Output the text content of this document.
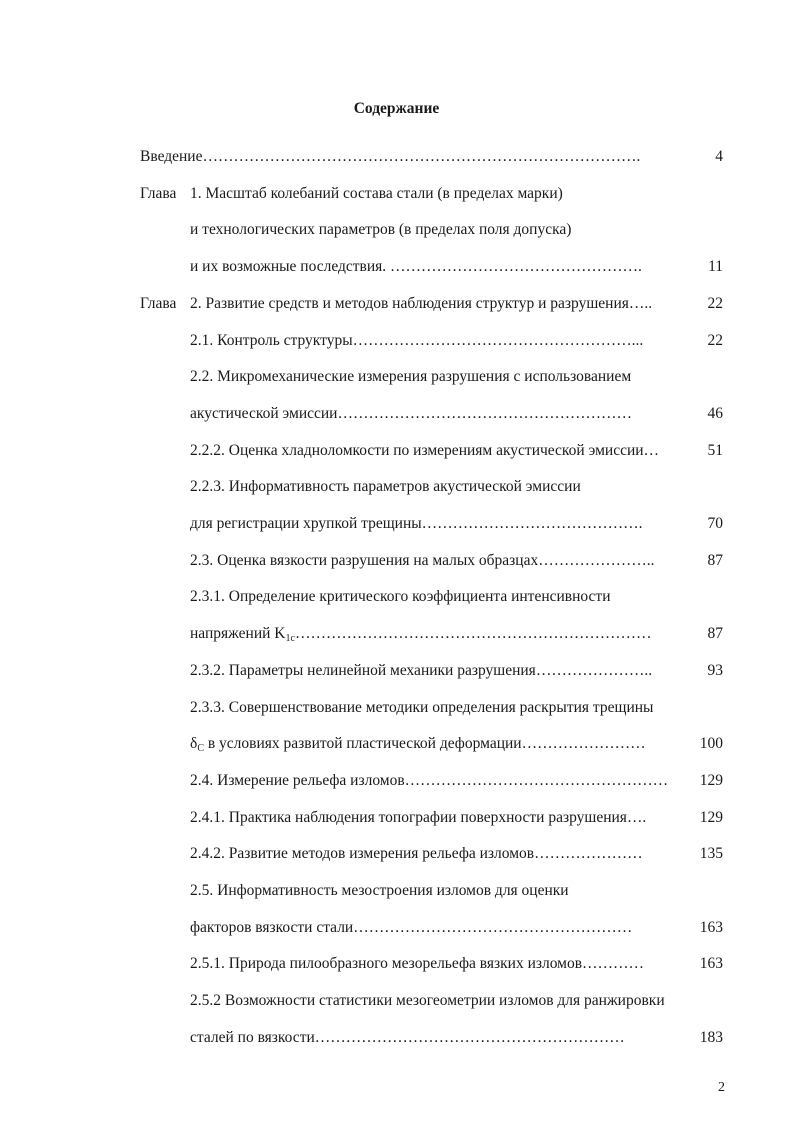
Содержание
Введение………………………………………………………………………….	4
Глава 1. Масштаб колебаний состава стали (в пределах марки)
и технологических параметров (в пределах поля допуска)
и их возможные последствия. ………………………………………….	11
Глава 2. Развитие средств и методов наблюдения структур и разрушения…..	22
2.1. Контроль структуры………………………………………………...	22
2.2. Микромеханические измерения разрушения с использованием
акустической эмиссии…………………………………………………	46
2.2.2. Оценка хладноломкости по измерениям акустической эмиссии…	51
2.2.3. Информативность параметров акустической эмиссии
для регистрации хрупкой трещины…………………………………….	70
2.3. Оценка вязкости разрушения на малых образцах…………………..	87
2.3.1. Определение критического коэффициента интенсивности
напряжений $K_{1c}\dots\dots\dots\dots\dots\dots\dots\dots\dots\dots\dots\dots\dots\dots\dots\dots\dots\dots\dots\dots\dots\dots\dots$	87
2.3.2. Параметры нелинейной механики разрушения…………………..	93
2.3.3. Совершенствование методики определения раскрытия трещины
$\delta_C$ в условиях развитой пластической деформации……………………	100
2.4. Измерение рельефа изломов…………………………………………… 129
2.4.1. Практика наблюдения топографии поверхности разрушения….	129
2.4.2. Развитие методов измерения рельефа изломов…………………	135
2.5. Информативность мезостроения изломов для оценки
факторов вязкости стали………………………………………………	163
2.5.1. Природа пилообразного мезорельефа вязких изломов…………	163
2.5.2 Возможности статистики мезогеометрии изломов для ранжировки
сталей по вязкости……………………………………………………	183
2
